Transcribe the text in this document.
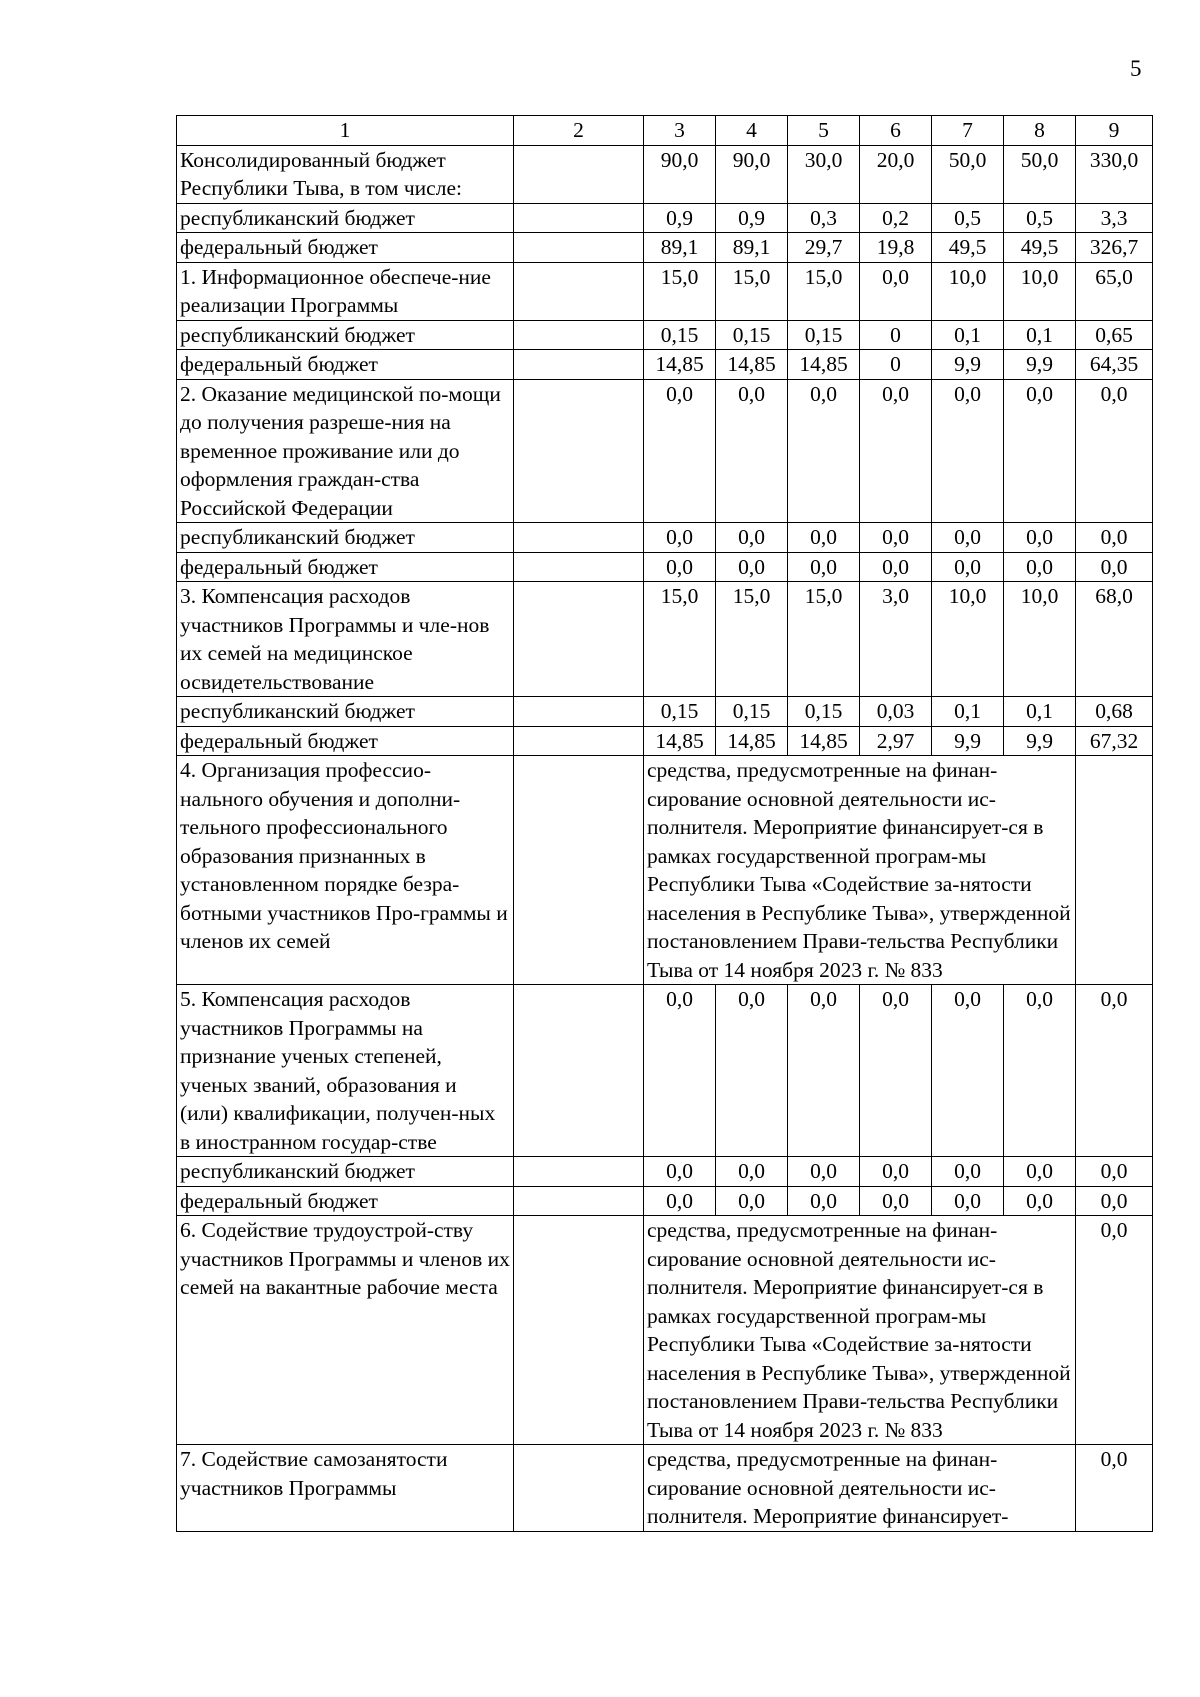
5
1	2	3	4	5	6	7	8	9
Консолидированный бюджет Республики Тыва, в том числе:		90,0	90,0	30,0	20,0	50,0	50,0	330,0
республиканский бюджет		0,9	0,9	0,3	0,2	0,5	0,5	3,3
федеральный бюджет		89,1	89,1	29,7	19,8	49,5	49,5	326,7
1. Информационное обеспече-ние реализации Программы		15,0	15,0	15,0	0,0	10,0	10,0	65,0
республиканский бюджет		0,15	0,15	0,15	0	0,1	0,1	0,65
федеральный бюджет		14,85	14,85	14,85	0	9,9	9,9	64,35
2. Оказание медицинской по-мощи до получения разреше-ния на временное проживание или до оформления граждан-ства Российской Федерации		0,0	0,0	0,0	0,0	0,0	0,0	0,0
республиканский бюджет		0,0	0,0	0,0	0,0	0,0	0,0	0,0
федеральный бюджет		0,0	0,0	0,0	0,0	0,0	0,0	0,0
3. Компенсация расходов участников Программы и чле-нов их семей на медицинское освидетельствование		15,0	15,0	15,0	3,0	10,0	10,0	68,0
республиканский бюджет		0,15	0,15	0,15	0,03	0,1	0,1	0,68
федеральный бюджет		14,85	14,85	14,85	2,97	9,9	9,9	67,32
4. Организация профессио-нального обучения и дополни-тельного профессионального образования признанных в установленном порядке безра-ботными участников Про-граммы и членов их семей		средства, предусмотренные на финан-сирование основной деятельности ис-полнителя. Мероприятие финансирует-ся в рамках государственной програм-мы Республики Тыва «Содействие за-нятости населения в Республике Тыва», утвержденной постановлением Прави-тельства Республики Тыва от 14 ноября 2023 г. № 833						
5. Компенсация расходов участников Программы на признание ученых степеней, ученых званий, образования и (или) квалификации, получен-ных в иностранном государ-стве		0,0	0,0	0,0	0,0	0,0	0,0	0,0
республиканский бюджет		0,0	0,0	0,0	0,0	0,0	0,0	0,0
федеральный бюджет		0,0	0,0	0,0	0,0	0,0	0,0	0,0
6. Содействие трудоустрой-ству участников Программы и членов их семей на вакантные рабочие места		средства, предусмотренные на финан-сирование основной деятельности ис-полнителя. Мероприятие финансирует-ся в рамках государственной програм-мы Республики Тыва «Содействие за-нятости населения в Республике Тыва», утвержденной постановлением Прави-тельства Республики Тыва от 14 ноября 2023 г. № 833						0,0
7. Содействие самозанятости участников Программы		средства, предусмотренные на финан-сирование основной деятельности ис-полнителя. Мероприятие финансирует-						0,0
